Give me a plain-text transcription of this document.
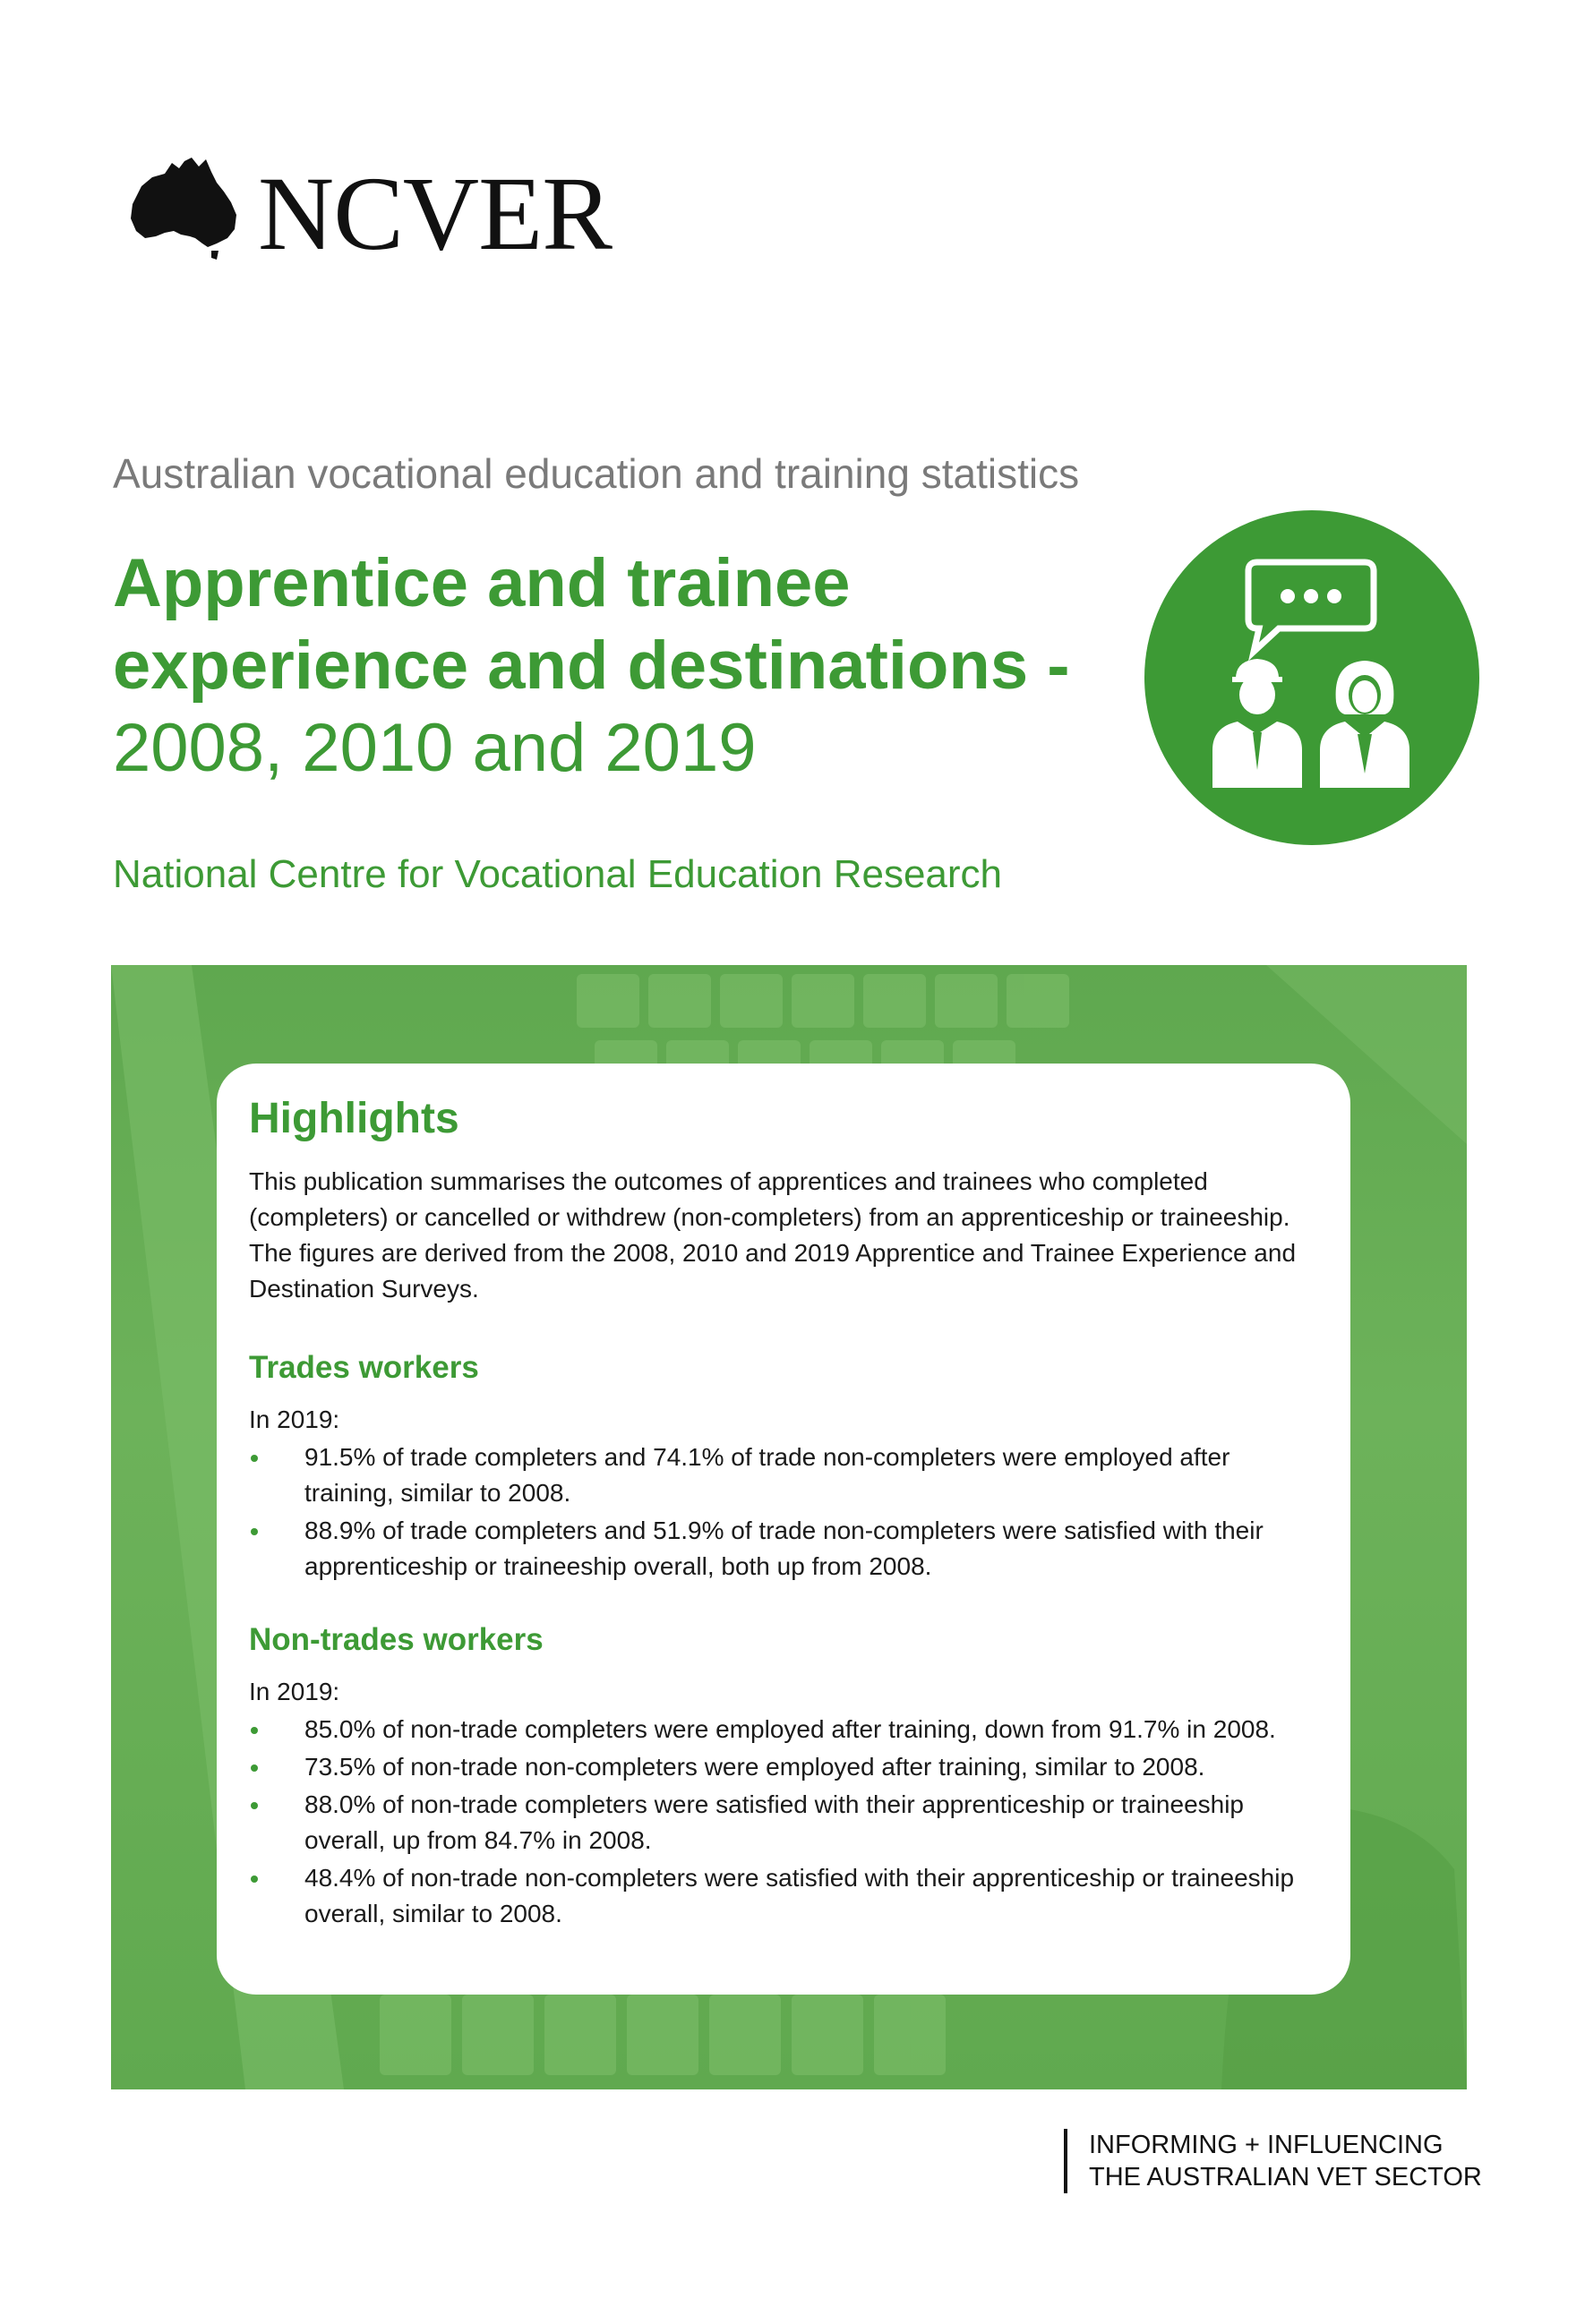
NCVER
Australian vocational education and training statistics
Apprentice and trainee
experience and destinations -
2008, 2010 and 2019
National Centre for Vocational Education Research
Highlights
This publication summarises the outcomes of apprentices and trainees who completed (completers) or cancelled or withdrew (non-completers) from an apprenticeship or traineeship. The figures are derived from the 2008, 2010 and 2019 Apprentice and Trainee Experience and Destination Surveys.
Trades workers
In 2019:
91.5% of trade completers and 74.1% of trade non-completers were employed after training, similar to 2008.
88.9% of trade completers and 51.9% of trade non-completers were satisfied with their apprenticeship or traineeship overall, both up from 2008.
Non-trades workers
In 2019:
85.0% of non-trade completers were employed after training, down from 91.7% in 2008.
73.5% of non-trade non-completers were employed after training, similar to 2008.
88.0% of non-trade completers were satisfied with their apprenticeship or traineeship overall, up from 84.7% in 2008.
48.4% of non-trade non-completers were satisfied with their apprenticeship or traineeship overall, similar to 2008.
INFORMING + INFLUENCING
THE AUSTRALIAN VET SECTOR
